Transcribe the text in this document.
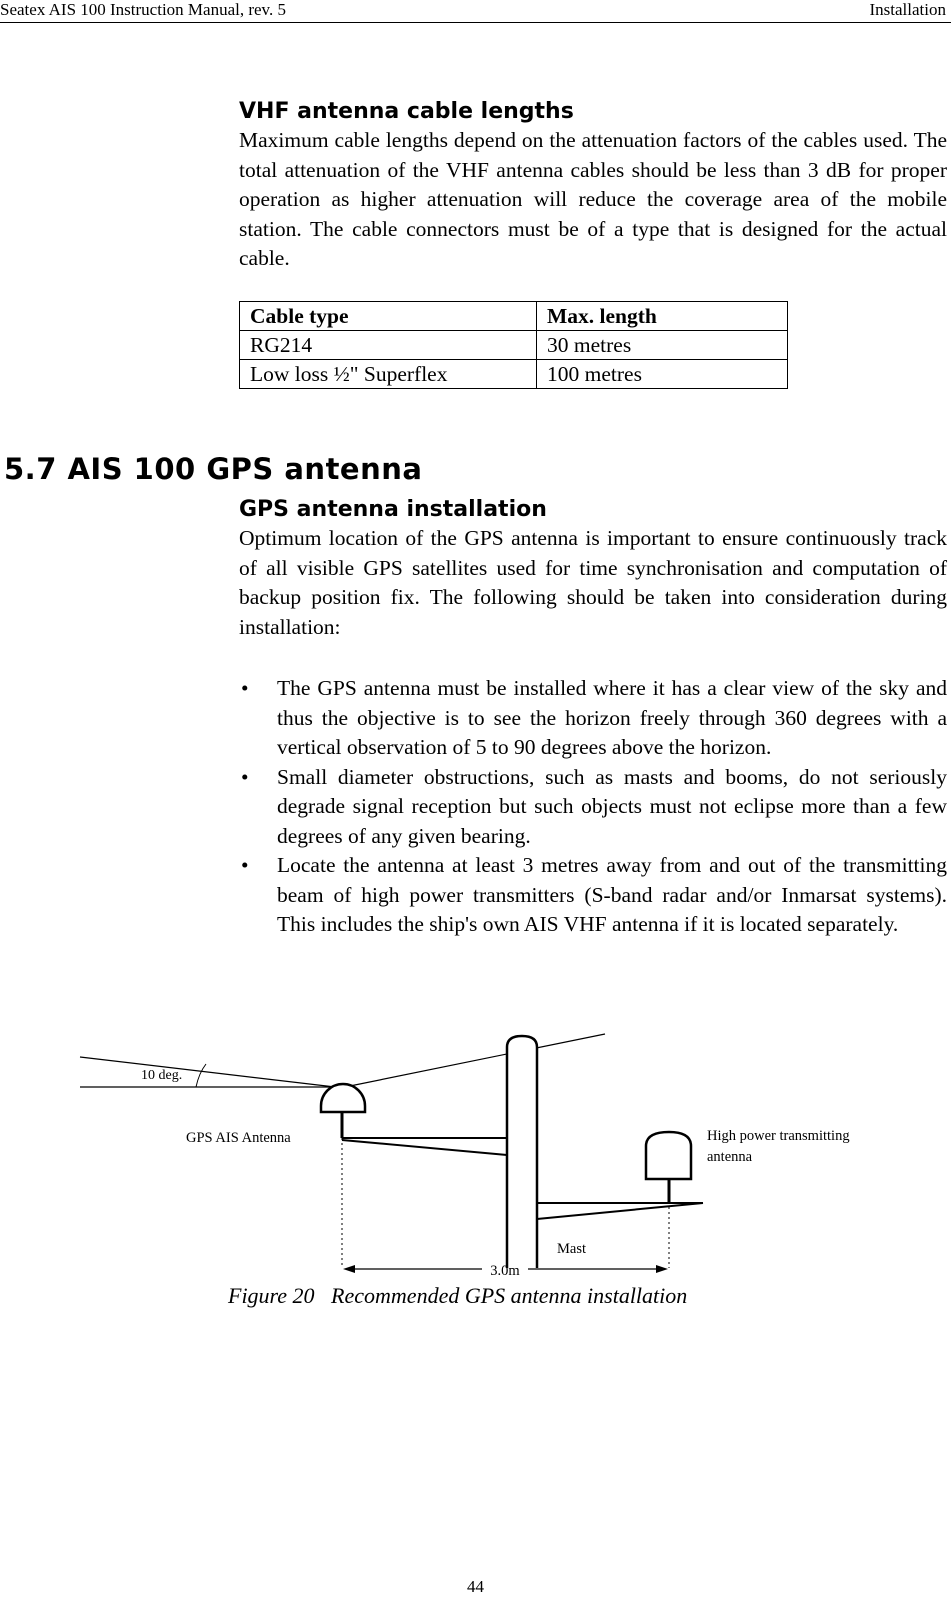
Seatex AIS 100 Instruction Manual, rev. 5	Installation
VHF antenna cable lengths

Maximum cable lengths depend on the attenuation factors of the cables used. The total attenuation of the VHF antenna cables should be less than 3 dB for proper operation as higher attenuation will reduce the coverage area of the mobile station. The cable connectors must be of a type that is designed for the actual cable.

Cable type	Max. length
RG214	30 metres
Low loss ½" Superflex	100 metres
5.7 AIS 100 GPS antenna
GPS antenna installation

Optimum location of the GPS antenna is important to ensure continuously track of all visible GPS satellites used for time synchronisation and computation of backup position fix. The following should be taken into consideration during installation:

• The GPS antenna must be installed where it has a clear view of the sky and thus the objective is to see the horizon freely through 360 degrees with a vertical observation of 5 to 90 degrees above the horizon.
• Small diameter obstructions, such as masts and booms, do not seriously degrade signal reception but such objects must not eclipse more than a few degrees of any given bearing.
• Locate the antenna at least 3 metres away from and out of the transmitting beam of high power transmitters (S-band radar and/or Inmarsat systems). This includes the ship's own AIS VHF antenna if it is located separately.
10 deg.
GPS AIS Antenna
Mast
High power transmitting
antenna
3.0m
Figure 20   Recommended GPS antenna installation
44
